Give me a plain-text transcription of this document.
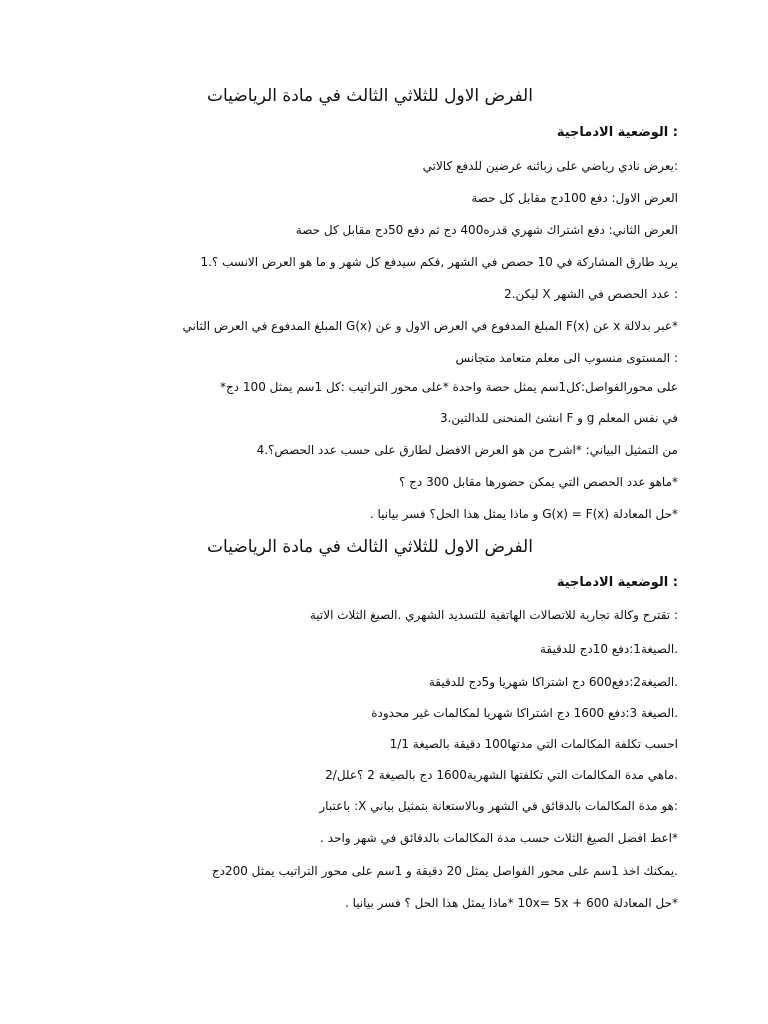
الفرض الاول للثلاثي الثالث في مادة الرياضيات
: الوضعية الادماجية
:يعرض نادي رياضي على زبائنه عرضين للدفع كالاتي
العرض الاول: دفع 100دج مقابل كل حصة
العرض الثاني: دفع اشتراك شهري قدره400 دج ثم دفع 50دج مقابل كل حصة
يريد طارق المشاركة في 10 حصص في الشهر ,فكم سيدفع كل شهر و ما هو العرض الانسب ؟.1
: عدد الحصص في الشهر X ليكن.2
*عبر بدلالة x عن F(x) المبلغ المدفوع في العرض الاول و عن G(x) المبلغ المدفوع في العرض الثاني
: المستوى منسوب الى معلم متعامد متجانس
على محورالفواصل:كل1سم يمثل حصة واحدة *على محور التراتيب :كل 1سم يمثل 100 دج*
في نفس المعلم g و F انشئ المنحنى للدالتين.3
من التمثيل البياني: *اشرح من هو العرض الافضل لطارق على حسب عدد الحصص؟.4
*ماهو عدد الحصص التي يمكن حضورها مقابل 300 دج ؟
*حل المعادلة G(x) = F(x) و ماذا يمثل هذا الحل؟ فسر بيانيا .
الفرض الاول للثلاثي الثالث في مادة الرياضيات
: الوضعية الادماجية
: تقترح وكالة تجارية للاتصالات الهاتفية للتسديد الشهري .الصيغ الثلاث الاتية
.الصيغة1:دفع 10دج للدقيقة
.الصيغة2:دفع600 دج اشتراكا شهريا و5دج للدقيقة
.الصيغة 3:دفع 1600 دج اشتراكا شهريا لمكالمات غير محدودة
احسب تكلفة المكالمات التي مدتها100 دقيقة بالصيغة 1/1
.ماهي مدة المكالمات التي تكلفتها الشهرية1600 دج بالصيغة 2 ؟علل/2
:هو مدة المكالمات بالدقائق في الشهر وبالاستعانة بتمثيل بياني X: باعتبار
*اعط افضل الصيغ الثلاث حسب مدة المكالمات بالدقائق في شهر واحد .
.يمكنك اخذ 1سم على محور الفواصل يمثل 20 دقيقة و 1سم على محور التراتيب يمثل 200دج
*حل المعادلة 600 + 10x= 5x *ماذا يمثل هذا الحل ؟ فسر بيانيا .
